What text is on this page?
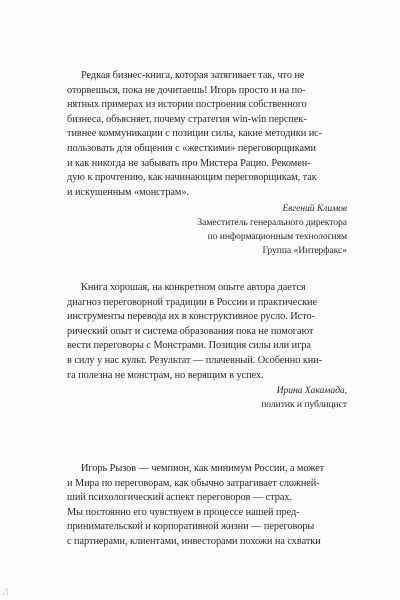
Редкая бизнес-книга, которая затягивает так, что не
оторвешься, пока не дочитаешь! Игорь просто и на по-
нятных примерах из истории построения собственного
бизнеса, объясняет, почему стратегия win-win перспек-
тивнее коммуникации с позиции силы, какие методики ис-
пользовать для общения с «жесткими» переговорщиками
и как никогда не забывать про Мистера Рацио. Рекомен-
дую к прочтению, как начинающим переговорщикам, так
и искушенным «монстрам».
Евгений Климов
Заместитель генерального директора
по информационным технологиям
Группа «Интерфакс»
Книга хорошая, на конкретном опыте автора дается
диагноз переговорной традиции в России и практические
инструменты перевода их в конструктивное русло. Исто-
рический опыт и система образования пока не помогают
вести переговоры с Монстрами. Позиция силы или игра
в силу у нас культ. Результат — плачевный. Особенно кни-
га полезна не монстрам, но верящим в успех.
Ирина Хакамада,
политик и публицист
Игорь Рызов — чемпион, как минимум России, а может
и Мира по переговорам, как обычно затрагивает сложней-
ший психологический аспект переговоров — страх.
Мы постоянно его чувствуем в процессе нашей пред-
принимательской и корпоративной жизни — переговоры
с партнерами, клиентами, инвесторами похожи на схватки
Л
